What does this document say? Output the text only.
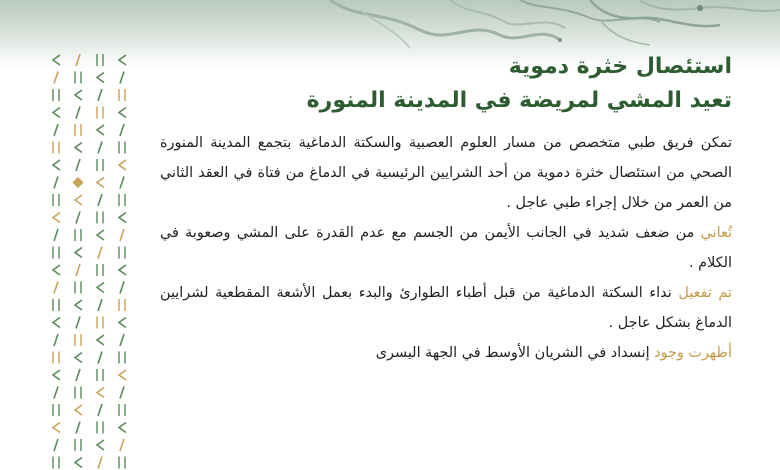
استئصال خثرة دموية
تعيد المشي لمريضة في المدينة المنورة

تمكن فريق طبي متخصص من مسار العلوم العصبية والسكتة الدماغية بتجمع المدينة المنورة الصحي من استئصال خثرة دموية من أحد الشرايين الرئيسية في الدماغ من فتاة في العقد الثاني من العمر من خلال إجراء طبي عاجل .

تُعاني من ضعف شديد في الجانب الأيمن من الجسم مع عدم القدرة على المشي وصعوبة في الكلام .

تم تفعيل نداء السكتة الدماغية من قبل أطباء الطوارئ والبدء بعمل الأشعة المقطعية لشرايين الدماغ بشكل عاجل .

أظهرت وجود إنسداد في الشريان الأوسط في الجهة اليسرى
